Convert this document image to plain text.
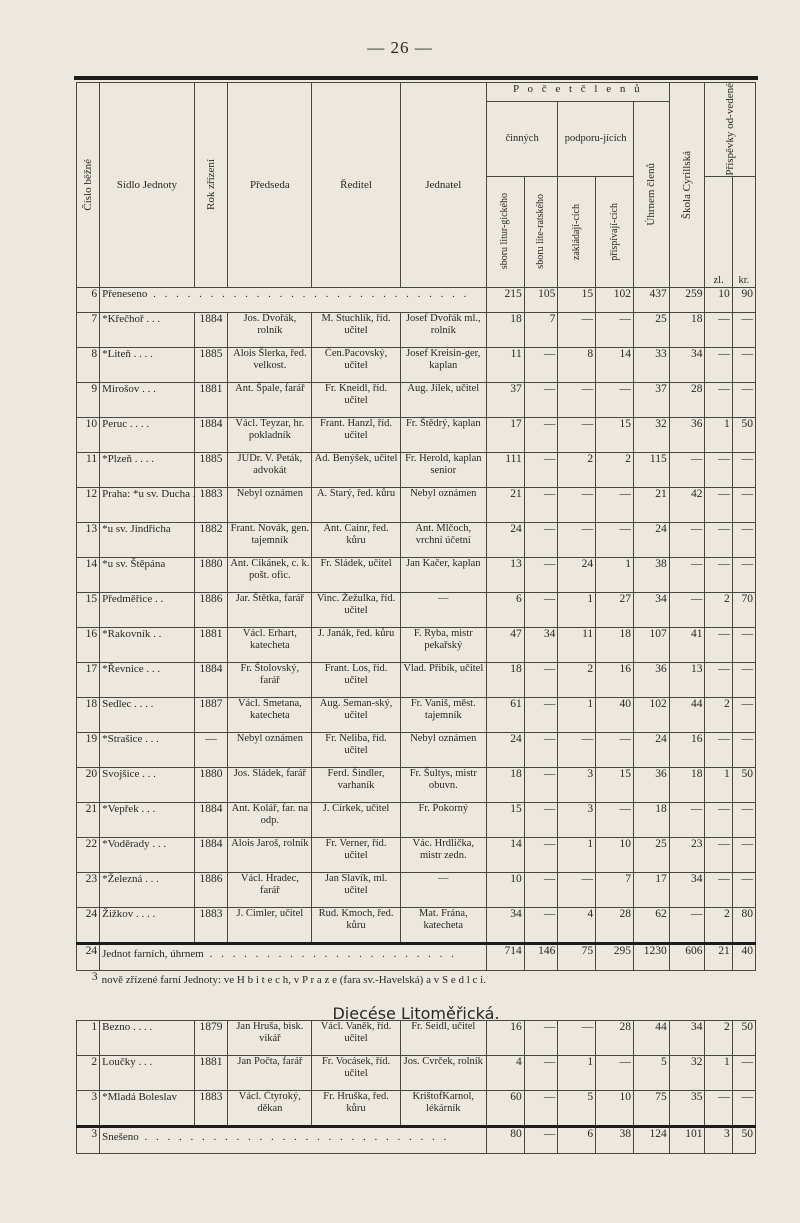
— 26 —
Číslo běžné	Sídlo Jednoty	Rok zřízení	Předseda	Ředitel	Jednatel	P o č e t č l e n ů					Škola Cyrillská	Příspěvky od-vedené	

						činných		podporu-jících		Úhrnem členů			

						sboru litur-gického	sboru lite-ratského	zakládají-cích	přispívají-cích			zl.	kr.
6	Přeneseno . . . . . . . . . . . . . . . . . . . . . . . . . . . .					215	105	15	102	437	259	10	90
7	*Křečhoř . . .	1884	Jos. Dvořák, rolník	M. Stuchlík, říd. učitel	Josef Dvořák ml., rolník	18	7	—	—	25	18	—	—
8	*Liteň . . . .	1885	Alois Šlerka, řed. velkost.	Čen.Pacovský, učitel	Josef Kreisin-ger, kaplan	11	—	8	14	33	34	—	—
9	Mirošov . . .	1881	Ant. Špale, farář	Fr. Kneidl, říd. učitel	Aug. Jílek, učitel	37	—	—	—	37	28	—	—
10	Peruc . . . .	1884	Václ. Teyzar, hr. pokladník	Frant. Hanzl, říd. učitel	Fr. Štědrý, kaplan	17	—	—	15	32	36	1	50
11	*Plzeň . . . .	1885	JUDr. V. Peták, advokát	Ad. Benýšek, učitel	Fr. Herold, kaplan senior	111	—	2	2	115	—	—	—
12	Praha: *u sv. Ducha .	1883	Nebyl oznámen	A. Starý, řed. kůru	Nebyl oznámen	21	—	—	—	21	42	—	—
13	*u sv. Jindřicha	1882	Frant. Novák, gen. tajemník	Ant. Cainr, řed. kůru	Ant. Mlčoch, vrchní účetní	24	—	—	—	24	—	—	—
14	*u sv. Štěpána	1880	Ant. Cikánek, c. k. pošt. ofic.	Fr. Sládek, učitel	Jan Kačer, kaplan	13	—	24	1	38	—	—	—
15	Předměřice . .	1886	Jar. Štětka, farář	Vinc. Žežulka, říd. učitel	—	6	—	1	27	34	—	2	70
16	*Rakovník . .	1881	Václ. Erhart, katecheta	J. Janák, řed. kůru	F. Ryba, mistr pekařský	47	34	11	18	107	41	—	—
17	*Řevnice . . .	1884	Fr. Štolovský, farář	Frant. Los, říd. učitel	Vlad. Přibík, učitel	18	—	2	16	36	13	—	—
18	Sedlec . . . .	1887	Václ. Smetana, katecheta	Aug. Seman-ský, učitel	Fr. Vaniš, měst. tajemník	61	—	1	40	102	44	2	—
19	*Strašice . . .	—	Nebyl oznámen	Fr. Neliba, říd. učitel	Nebyl oznámen	24	—	—	—	24	16	—	—
20	Svojšice . . .	1880	Jos. Sládek, farář	Ferd. Šindler, varhaník	Fr. Šultys, mistr obuvn.	18	—	3	15	36	18	1	50
21	*Vepřek . . .	1884	Ant. Kolář, far. na odp.	J. Církek, učitel	Fr. Pokorný	15	—	3	—	18	—	—	—
22	*Voděrady . . .	1884	Alois Jaroš, rolník	Fr. Verner, říd. učitel	Vác. Hrdlička, mistr zedn.	14	—	1	10	25	23	—	—
23	*Železná . . .	1886	Václ. Hradec, farář	Jan Slavík, ml. učitel	—	10	—	—	7	17	34	—	—
24	Žižkov . . . .	1883	J. Cimler, učitel	Rud. Kmoch, řed. kůru	Mat. Frána, katecheta	34	—	4	28	62	—	2	80
24	Jednot farních, úhrnem . . . . . . . . . . . . . . . . . . . . . .					714	146	75	295	1230	606	21	40
3	nově zřízené farní Jednoty: ve H b i t e c h, v P r a z e (fara sv.-Havelská) a v S e d l c i.												
Diecése Litoměřická.													
1	Bezno . . . .	1879	Jan Hruša, bisk. vikář	Václ. Vaněk, říd. učitel	Fr. Seidl, učitel	16	—	—	28	44	34	2	50
2	Loučky . . .	1881	Jan Počta, farář	Fr. Vocásek, říd. učitel	Jos. Cvrček, rolník	4	—	1	—	5	32	1	—
3	*Mladá Boleslav	1883	Václ. Čtyroký, děkan	Fr. Hruška, řed. kůru	KrištofKarnol, lékárník	60	—	5	10	75	35	—	—
3	Snešeno . . . . . . . . . . . . . . . . . . . . . . . . . . .					80	—	6	38	124	101	3	50
